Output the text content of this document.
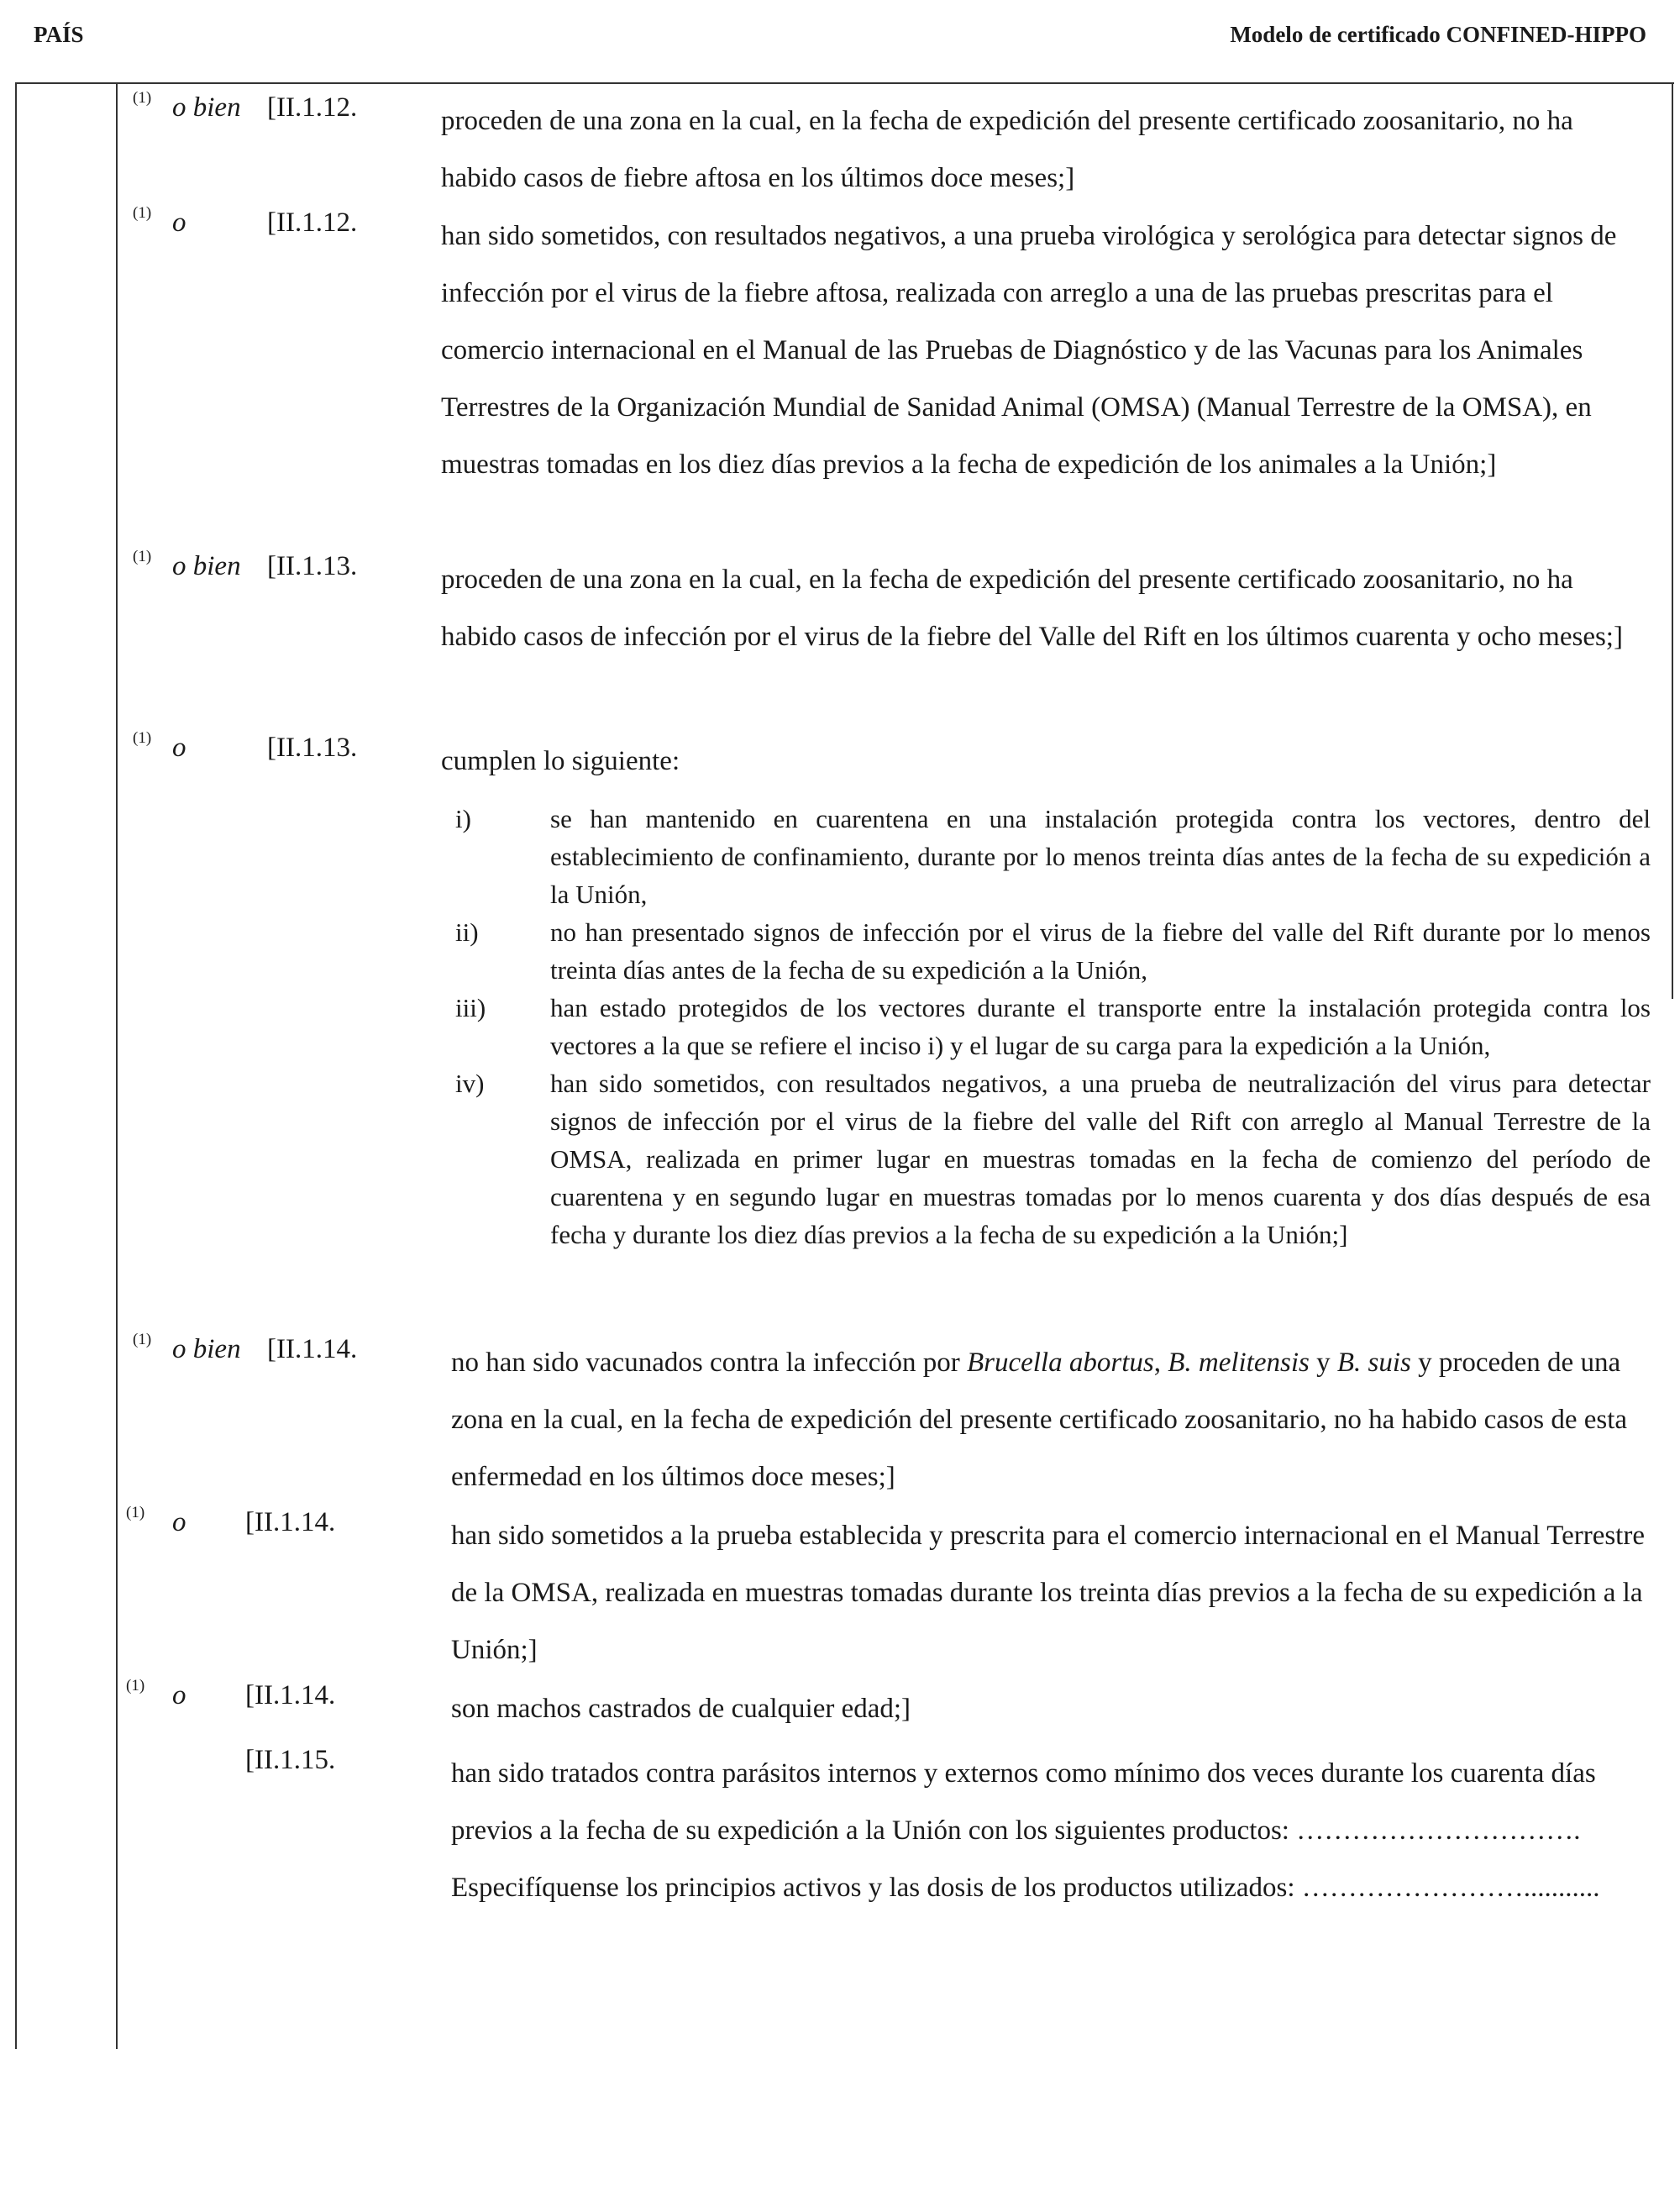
PAÍS	Modelo de certificado CONFINED-HIPPO
(1) o bien [II.1.12.	proceden de una zona en la cual, en la fecha de expedición del presente certificado zoosanitario, no ha habido casos de fiebre aftosa en los últimos doce meses;]
(1) o	[II.1.12.	han sido sometidos, con resultados negativos, a una prueba virológica y serológica para detectar signos de infección por el virus de la fiebre aftosa, realizada con arreglo a una de las pruebas prescritas para el comercio internacional en el Manual de las Pruebas de Diagnóstico y de las Vacunas para los Animales Terrestres de la Organización Mundial de Sanidad Animal (OMSA) (Manual Terrestre de la OMSA), en muestras tomadas en los diez días previos a la fecha de expedición de los animales a la Unión;]
(1) o bien [II.1.13.	proceden de una zona en la cual, en la fecha de expedición del presente certificado zoosanitario, no ha habido casos de infección por el virus de la fiebre del Valle del Rift en los últimos cuarenta y ocho meses;]
(1) o	[II.1.13.	cumplen lo siguiente:
i)	se han mantenido en cuarentena en una instalación protegida contra los vectores, dentro del establecimiento de confinamiento, durante por lo menos treinta días antes de la fecha de su expedición a la Unión,
ii)	no han presentado signos de infección por el virus de la fiebre del valle del Rift durante por lo menos treinta días antes de la fecha de su expedición a la Unión,
iii) han estado protegidos de los vectores durante el transporte entre la instalación protegida contra los vectores a la que se refiere el inciso i) y el lugar de su carga para la expedición a la Unión,
iv)	han sido sometidos, con resultados negativos, a una prueba de neutralización del virus para detectar signos de infección por el virus de la fiebre del valle del Rift con arreglo al Manual Terrestre de la OMSA, realizada en primer lugar en muestras tomadas en la fecha de comienzo del período de cuarentena y en segundo lugar en muestras tomadas por lo menos cuarenta y dos días después de esa fecha y durante los diez días previos a la fecha de su expedición a la Unión;]
(1) o bien [II.1.14.	no han sido vacunados contra la infección por Brucella abortus, B. melitensis y B. suis y proceden de una zona en la cual, en la fecha de expedición del presente certificado zoosanitario, no ha habido casos de esta enfermedad en los últimos doce meses;]
(1) o [II.1.14.	han sido sometidos a la prueba establecida y prescrita para el comercio internacional en el Manual Terrestre de la OMSA, realizada en muestras tomadas durante los treinta días previos a la fecha de su expedición a la Unión;]
(1) o [II.1.14.	son machos castrados de cualquier edad;]
[II.1.15.	han sido tratados contra parásitos internos y externos como mínimo dos veces durante los cuarenta días previos a la fecha de su expedición a la Unión con los siguientes productos: …………………………. Especifíquense los principios activos y las dosis de los productos utilizados: ……………………...........
